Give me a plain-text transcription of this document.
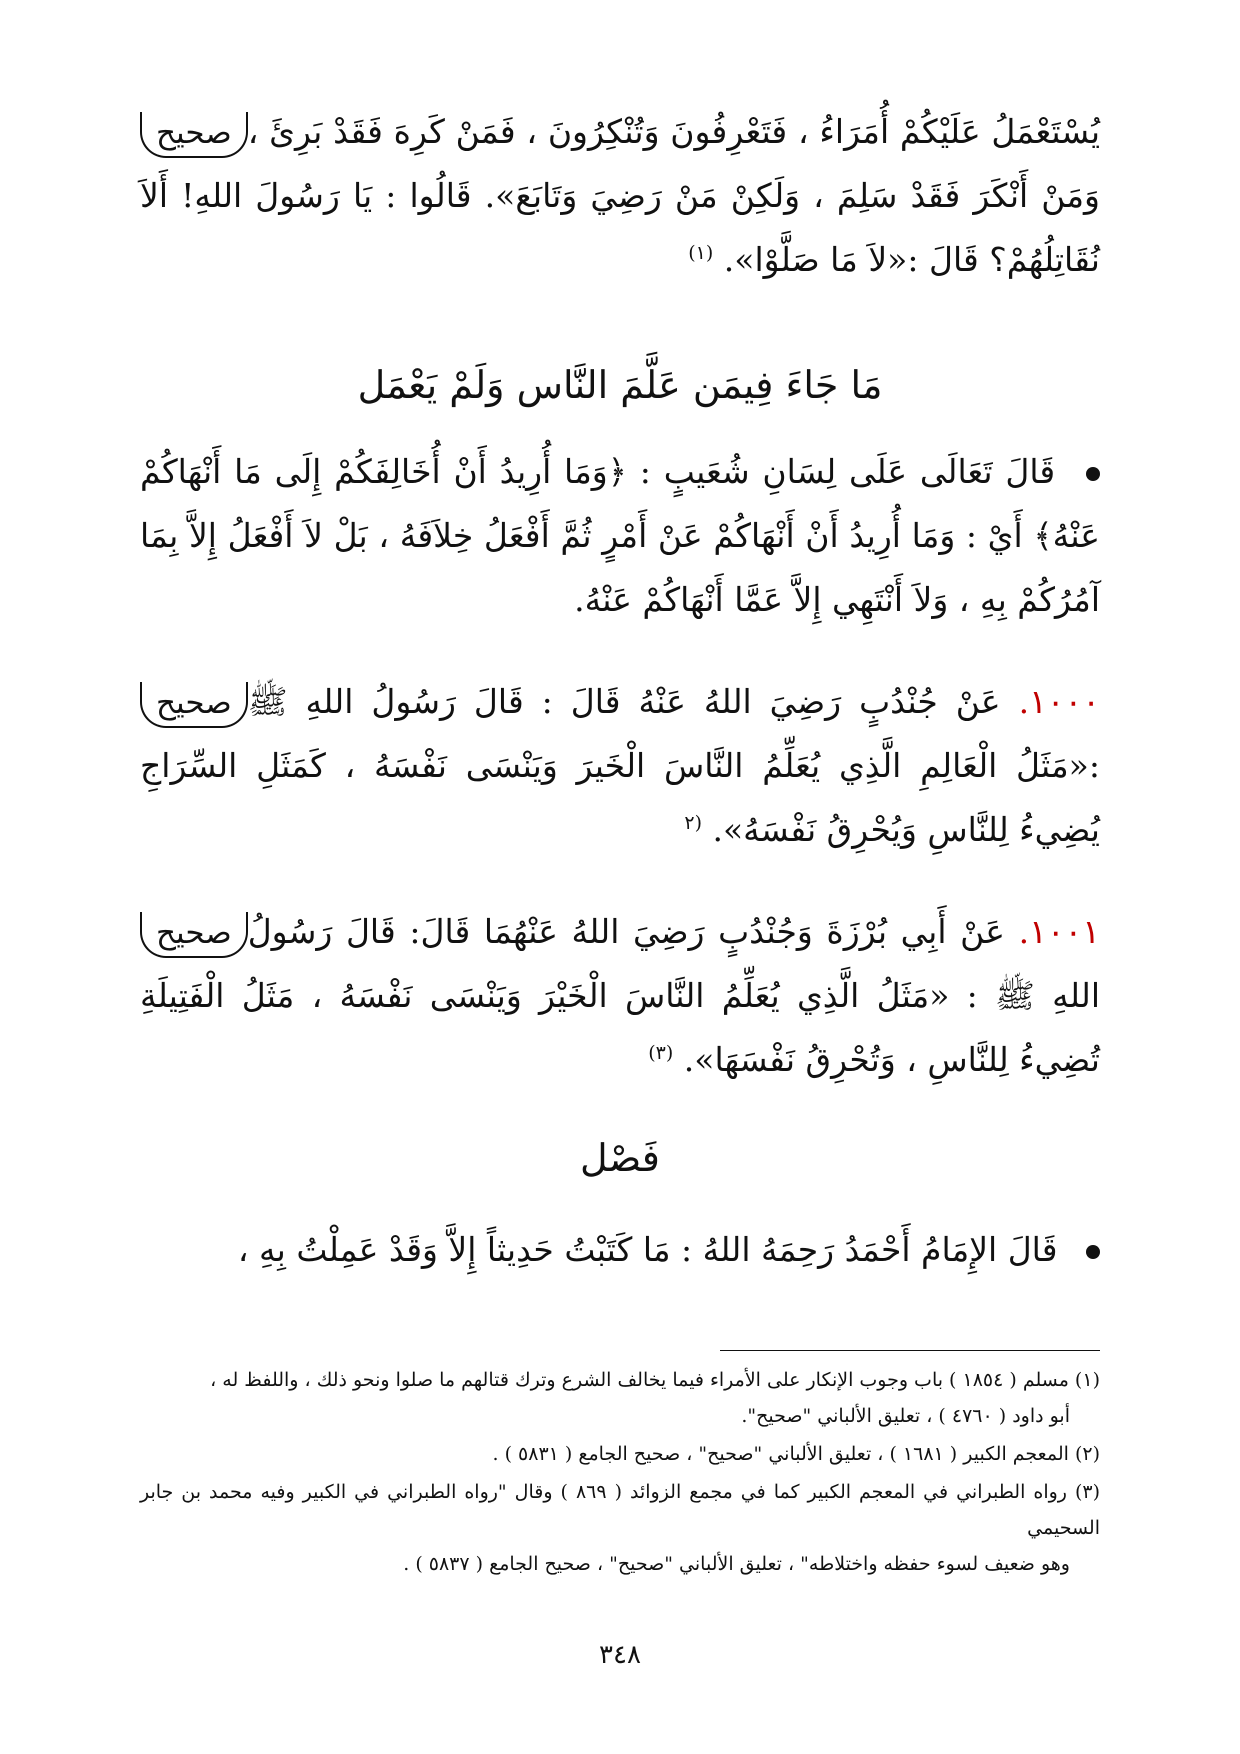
صحيح يُسْتَعْمَلُ عَلَيْكُمْ أُمَرَاءُ ، فَتَعْرِفُونَ وَتُنْكِرُونَ ، فَمَنْ كَرِهَ فَقَدْ بَرِئَ ، وَمَنْ أَنْكَرَ فَقَدْ سَلِمَ ، وَلَكِنْ مَنْ رَضِيَ وَتَابَعَ». قَالُوا : يَا رَسُولَ اللهِ! أَلاَ نُقَاتِلُهُمْ؟ قَالَ :«لاَ مَا صَلَّوْا». $^{(١)}$
مَا جَاءَ فِيمَن عَلَّمَ النَّاس وَلَمْ يَعْمَل
قَالَ تَعَالَى عَلَى لِسَانِ شُعَيبٍ : ﴿وَمَا أُرِيدُ أَنْ أُخَالِفَكُمْ إِلَى مَا أَنْهَاكُمْ عَنْهُ﴾ أَيْ : وَمَا أُرِيدُ أَنْ أَنْهَاكُمْ عَنْ أَمْرٍ ثُمَّ أَفْعَلُ خِلاَفَهُ ، بَلْ لاَ أَفْعَلُ إِلاَّ بِمَا آمُرُكُمْ بِهِ ، وَلاَ أَنْتَهِي إِلاَّ عَمَّا أَنْهَاكُمْ عَنْهُ.
صحيح	١٠٠٠. عَنْ جُنْدُبٍ رَضِيَ اللهُ عَنْهُ قَالَ : قَالَ رَسُولُ اللهِ ﷺ :«مَثَلُ الْعَالِمِ الَّذِي يُعَلِّمُ النَّاسَ الْخَيرَ وَيَنْسَى نَفْسَهُ ، كَمَثَلِ السِّرَاجِ يُضِيءُ لِلنَّاسِ وَيُحْرِقُ نَفْسَهُ». $^{(٢}$
صحيح	١٠٠١. عَنْ أَبِي بُرْزَةَ وَجُنْدُبٍ رَضِيَ اللهُ عَنْهُمَا قَالَ: قَالَ رَسُولُ اللهِ ﷺ : «مَثَلُ الَّذِي يُعَلِّمُ النَّاسَ الْخَيْرَ وَيَنْسَى نَفْسَهُ ، مَثَلُ الْفَتِيلَةِ تُضِيءُ لِلنَّاسِ ، وَتُحْرِقُ نَفْسَهَا». $^{(٣)}$
فَصْل
قَالَ الإِمَامُ أَحْمَدُ رَحِمَهُ اللهُ : مَا كَتَبْتُ حَدِيثاً إِلاَّ وَقَدْ عَمِلْتُ بِهِ ،
(١) مسلم ( ١٨٥٤ ) باب وجوب الإنكار على الأمراء فيما يخالف الشرع وترك قتالهم ما صلوا ونحو ذلك ، واللفظ له ،
أبو داود ( ٤٧٦٠ ) ، تعليق الألباني "صحيح".
(٢) المعجم الكبير ( ١٦٨١ ) ، تعليق الألباني "صحيح" ، صحيح الجامع ( ٥٨٣١ ) .
(٣) رواه الطبراني في المعجم الكبير كما في مجمع الزوائد ( ٨٦٩ ) وقال "رواه الطبراني في الكبير وفيه محمد بن جابر السحيمي
وهو ضعيف لسوء حفظه واختلاطه" ، تعليق الألباني "صحيح" ، صحيح الجامع ( ٥٨٣٧ ) .
٣٤٨
